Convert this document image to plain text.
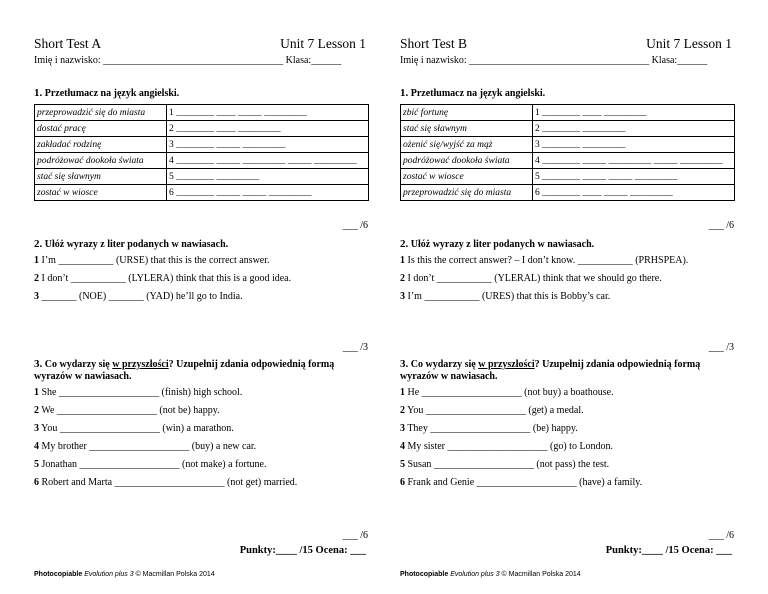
Short Test A	Unit 7 Lesson 1
Imię i nazwisko: ____________________________________ Klasa:______
1. Przetłumacz na język angielski.
przeprowadzić się do miasta	1 ________ ____ _____ _________
dostać pracę	2 ________ ____ _________
zakładać rodzinę	3 ________ _____ _________
podróżować dookoła świata	4 ________ _____ _________ _____ _________
stać się sławnym	5 ________ _________
zostać w wiosce	6 ________ _____ _____ _________
___ /6
2. Ułóż wyrazy z liter podanych w nawiasach.
1 I’m ___________ (URSE) that this is the correct answer.
2 I don’t ___________ (LYLERA) think that this is a good idea.
3 _______ (NOE) _______ (YAD) he’ll go to India.
___ /3
3. Co wydarzy się w przyszłości? Uzupełnij zdania odpowiednią formą wyrazów w nawiasach.
1 She ____________________ (finish) high school.
2 We ____________________ (not be) happy.
3 You ____________________ (win) a marathon.
4 My brother ____________________ (buy) a new car.
5 Jonathan ____________________ (not make) a fortune.
6 Robert and Marta ______________________ (not get) married.
___ /6
Punkty:____ /15 Ocena: ___
Photocopiable Evolution plus 3 © Macmillan Polska 2014
Short Test B	Unit 7 Lesson 1
Imię i nazwisko: ____________________________________ Klasa:______
1. Przetłumacz na język angielski.
zbić fortunę	1 ________ ____ _________
stać się sławnym	2 ________ _________
ożenić się/wyjść za mąż	3 ________ _________
podróżować dookoła świata	4 ________ _____ _________ _____ _________
zostać w wiosce	5 ________ _____ _____ _________
przeprowadzić się do miasta	6 ________ ____ _____ _________
___ /6
2. Ułóż wyrazy z liter podanych w nawiasach.
1 Is this the correct answer? – I don’t know. ___________ (PRHSPEA).
2 I don’t ___________ (YLERAL) think that we should go there.
3 I’m ___________ (URES) that this is Bobby’s car.
___ /3
3. Co wydarzy się w przyszłości? Uzupełnij zdania odpowiednią formą wyrazów w nawiasach.
1 He ____________________ (not buy) a boathouse.
2 You ____________________ (get) a medal.
3 They ____________________ (be) happy.
4 My sister ____________________ (go) to London.
5 Susan ____________________ (not pass) the test.
6 Frank and Genie ____________________ (have) a family.
___ /6
Punkty:____ /15 Ocena: ___
Photocopiable Evolution plus 3 © Macmillan Polska 2014
